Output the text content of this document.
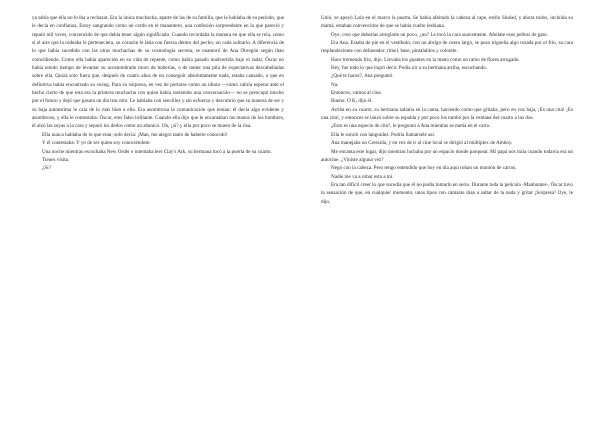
ya sabía que ella no lo iba a rechazar. Era la única muchacha, aparte de las de su familia, que le hablaba de su período, que le decía en confianza, Estoy sangrando como un cerdo en el manantero, una confesión sorprendente en la que pareció y reparó mil veces, convencido de que debía tener algún significado. Cuando recordaba la manera en que ella se reía, como si el aire que la rodeaba le perteneciera, su corazón le latía con fuerza dentro del pecho, un cada solitario. A diferencia de lo que había sucedido con las otras muchachas de su cosmología secreta, se enamoró de Ana Obregón según iban coincidiendo. Como ella había aparecido en su vida de repente, como había pasado inadvertida bajo el radar, Óscar no había tenido tiempo de levantar su acostumbrado muro de boberías, o de meter una pila de expectativas descabelladas sobre ella. Quizá solo fuera que, después de cuatro años de no conseguir absolutamente nada, estaba cansado, o que en definitiva había encontrado su swing. Para su sorpresa, en vez de portarse como un idiota —como cabría esperar ante el hecho cierto de que esta era la primera muchacha con quien había sostenido una conversación— no se preocupó mucho por el futuro y dejó que pasara un día tras otro. Le hablaba con sencillez y sin esfuerzo y descubrió que su manera de ser y su baja autoestima le caía de lo más bien a ella. Era asombrosa la comunicación que tenían; él decía algo evidente y asombroso, y ella le contestaba: Óscar, eres falso brillante. Cuando ella dijo que le encantaban las manos de los hombres, él alzó las suyas a la cara y separó los dedos como un abanico. Oh, ¿sí? y ella por poco se muere de la risa.

Ella nunca hablaba de lo que eran; solo decía: ¡Man, me alegro tanto de haberte conocido!

Y él contestaba: Y yo de ser quien soy conociéndote.

Una noche mientras escuchaba New Order e intentaba leer Clay's Ark, su hermana tocó a la puerta de su cuarto.

Tienes visita.

¿Sí?

Unió, se apoyó Lola en el marco la puerta. Se había afeitado la cabeza al rape, estilo Sinéad, y ahora todos, incluida su mamá, estaban convencidos de que se había vuelto lesbiana.

Oye, creo que deberías arreglarte un poco, ¿no? Le tocó la cara suavemente. Afeitate esos pelitos de gato.

Era Ana. Estaba de pie en el vestíbulo, con un abrigo de cuero largo, se puso trigueña algo rosada por el frío, su cara resplandeciente con delineador, rímel, base, pintalabios y colorete.

Hace tremendo frío, dijo. Llevaba los guantes en la mano como un ramo de flores arrugado.

Hey, fue todo lo que logró decir. Podía oír a su hermana arriba, escuchando.

¿Qué te haces?, Ana preguntó.

Na.

Entonces, vamos al cine.

Bueno. O K, dijo él.

Arriba en su cuarto, su hermana saltaba en la cama, haciendo como que gritaba, pero en voz baja, ¡Es una cita! ¡Es una cita!, y entonces se lanzó sobre su espalda y por poco los tumbó por la ventana del cuarto a los dos.

¿Esto es una especie de cita?, le preguntó a Ana mientras se metía en el carro.

Ella le sonrió con languidez. Podría llamársele así.

Ana manejaba un Cressida, y en vez de ir al cine local se dirigió al múltiplex de Amboy.

Me encanta este lugar, dijo mientras luchaba por un espacio donde parquear. Mi papá nos traía cuando todavía era un autocine. ¿Viniste alguna vez?

Negó con la cabeza. Pero tengo entendido que hoy en día aquí roban un montón de carros.

Nadie me va a robar esta a mí.

Era tan difícil creer lo que sucedía que él no podía tomarlo en serio. Durante toda la película -Manhunter-, Óscar tuvo la sensación de que, en cualquier momento, unos tipos con cámaras iban a saltar de la nada y gritar ¡Sorpresa! Oye, le dijo,
